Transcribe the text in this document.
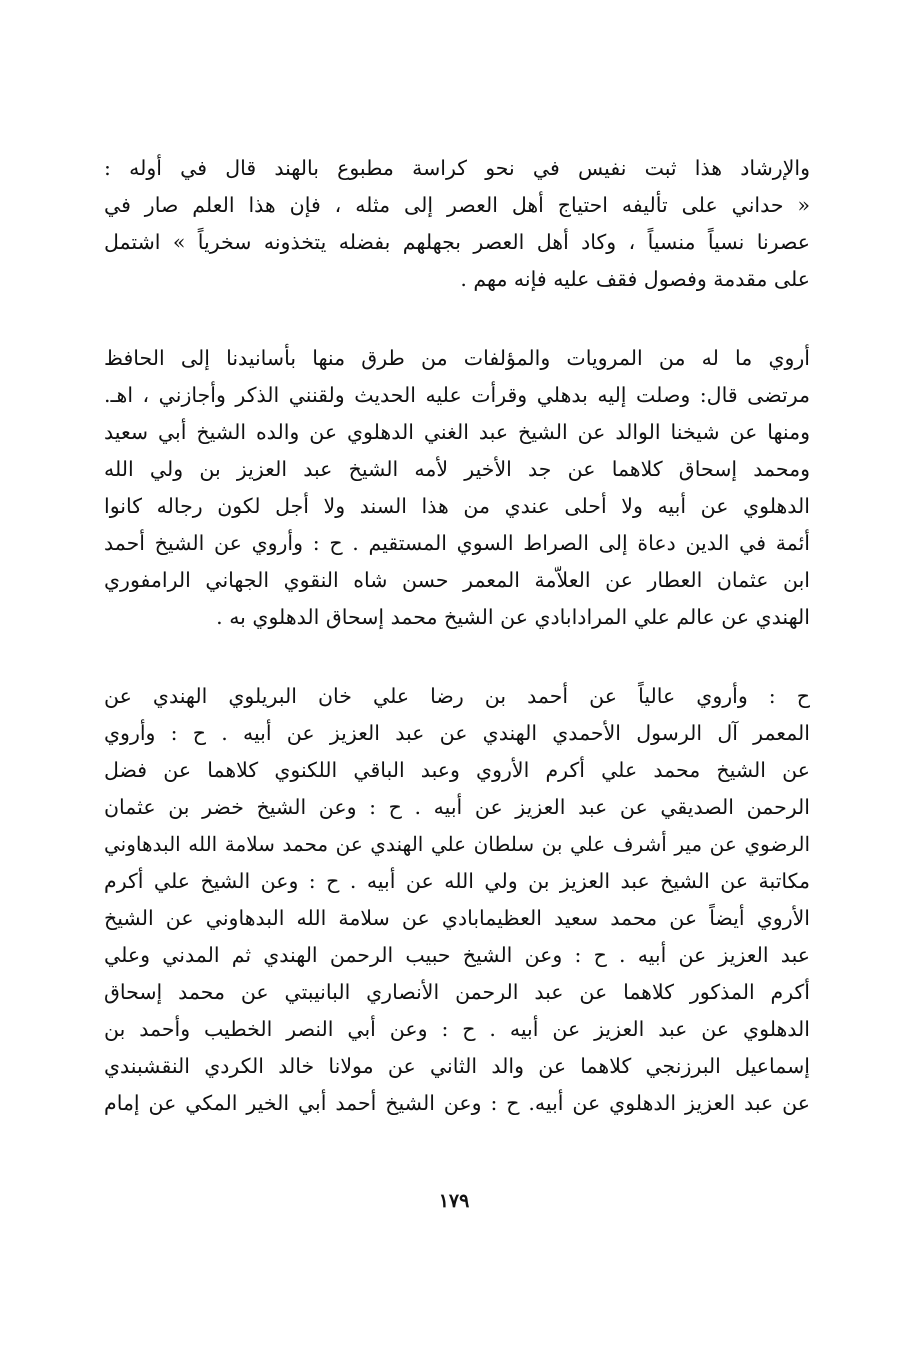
والإرشاد هذا ثبت نفيس في نحو كراسة مطبوع بالهند قال في أوله :
« حداني على تأليفه احتياج أهل العصر إلى مثله ، فإن هذا العلم صار في
عصرنا نسياً منسياً ، وكاد أهل العصر بجهلهم بفضله يتخذونه سخرياً » اشتمل
على مقدمة وفصول فقف عليه فإنه مهم .
أروي ما له من المرويات والمؤلفات من طرق منها بأسانيدنا إلى الحافظ
مرتضى قال: وصلت إليه بدهلي وقرأت عليه الحديث ولقنني الذكر وأجازني ، اهـ.
ومنها عن شيخنا الوالد عن الشيخ عبد الغني الدهلوي عن والده الشيخ أبي سعيد
ومحمد إسحاق كلاهما عن جد الأخير لأمه الشيخ عبد العزيز بن ولي الله
الدهلوي عن أبيه ولا أحلى عندي من هذا السند ولا أجل لكون رجاله كانوا
أئمة في الدين دعاة إلى الصراط السوي المستقيم . ح : وأروي عن الشيخ أحمد
ابن عثمان العطار عن العلاّمة المعمر حسن شاه النقوي الجهاني الرامفوري
الهندي عن عالم علي المرادابادي عن الشيخ محمد إسحاق الدهلوي به .
ح : وأروي عالياً عن أحمد بن رضا علي خان البريلوي الهندي عن
المعمر آل الرسول الأحمدي الهندي عن عبد العزيز عن أبيه . ح : وأروي
عن الشيخ محمد علي أكرم الأروي وعبد الباقي اللكنوي كلاهما عن فضل
الرحمن الصديقي عن عبد العزيز عن أبيه . ح : وعن الشيخ خضر بن عثمان
الرضوي عن مير أشرف علي بن سلطان علي الهندي عن محمد سلامة الله البدهاوني
مكاتبة عن الشيخ عبد العزيز بن ولي الله عن أبيه . ح : وعن الشيخ علي أكرم
الأروي أيضاً عن محمد سعيد العظيمابادي عن سلامة الله البدهاوني عن الشيخ
عبد العزيز عن أبيه . ح : وعن الشيخ حبيب الرحمن الهندي ثم المدني وعلي
أكرم المذكور كلاهما عن عبد الرحمن الأنصاري البانيبتي عن محمد إسحاق
الدهلوي عن عبد العزيز عن أبيه . ح : وعن أبي النصر الخطيب وأحمد بن
إسماعيل البرزنجي كلاهما عن والد الثاني عن مولانا خالد الكردي النقشبندي
عن عبد العزيز الدهلوي عن أبيه. ح : وعن الشيخ أحمد أبي الخير المكي عن إمام
١٧٩
